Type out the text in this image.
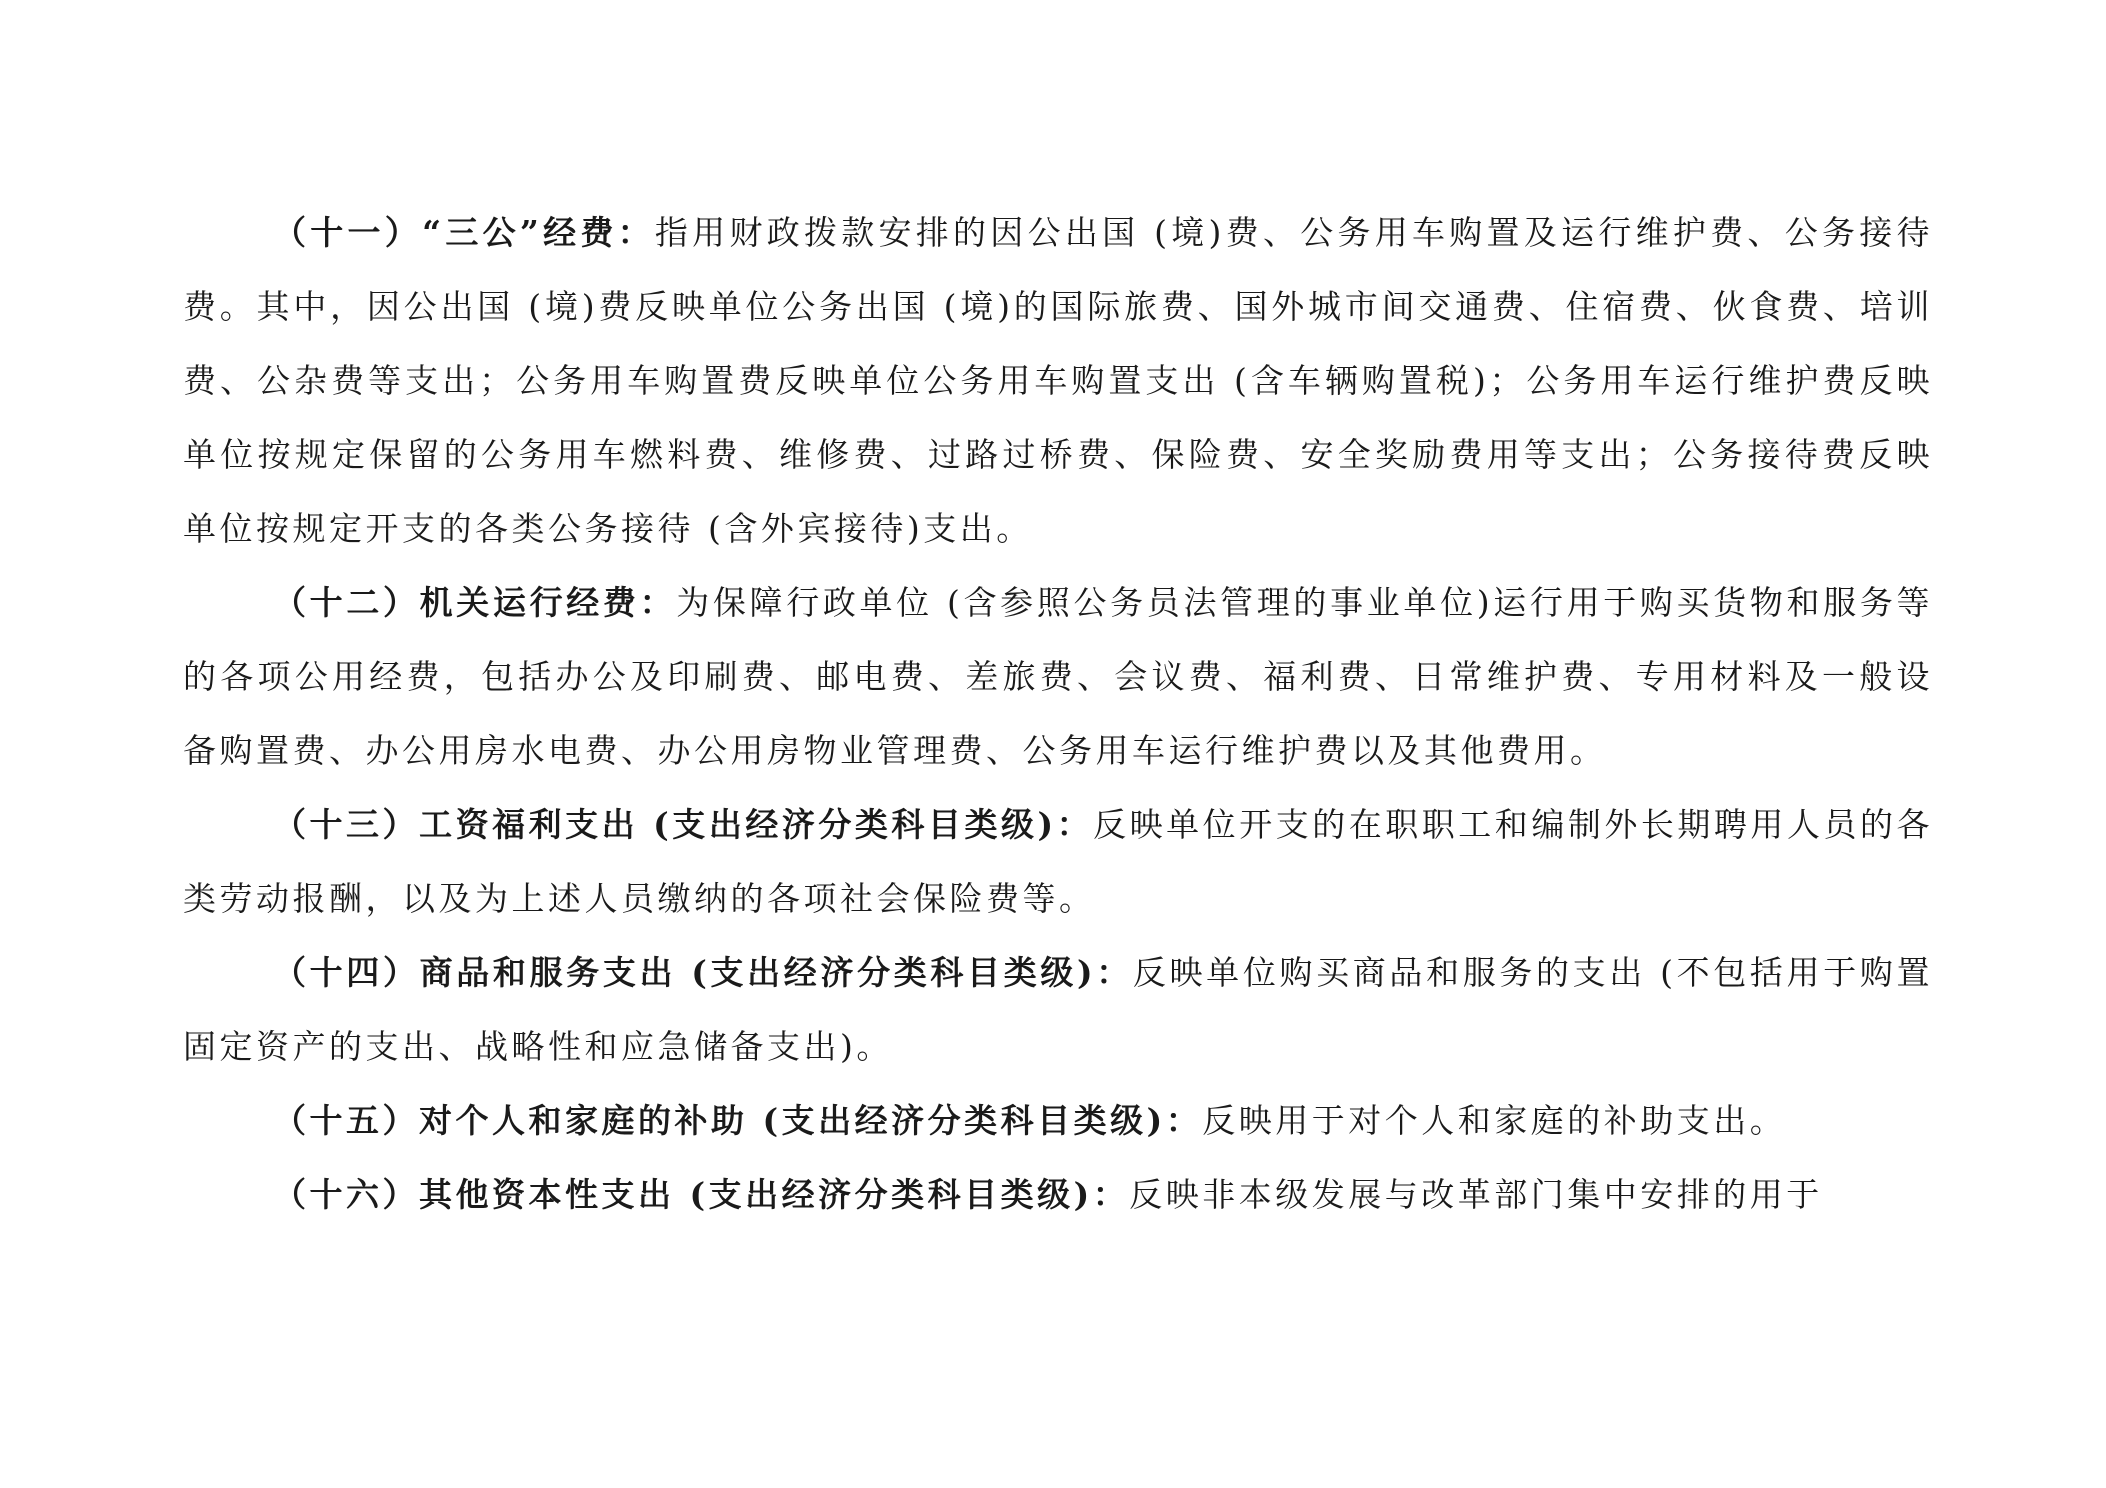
（十一）“三公”经费：指用财政拨款安排的因公出国 (境)费、公务用车购置及运行维护费、公务接待费。其中，因公出国 (境)费反映单位公务出国 (境)的国际旅费、国外城市间交通费、住宿费、伙食费、培训费、公杂费等支出；公务用车购置费反映单位公务用车购置支出 (含车辆购置税)；公务用车运行维护费反映单位按规定保留的公务用车燃料费、维修费、过路过桥费、保险费、安全奖励费用等支出；公务接待费反映单位按规定开支的各类公务接待 (含外宾接待)支出。

（十二）机关运行经费：为保障行政单位 (含参照公务员法管理的事业单位)运行用于购买货物和服务等的各项公用经费，包括办公及印刷费、邮电费、差旅费、会议费、福利费、日常维护费、专用材料及一般设备购置费、办公用房水电费、办公用房物业管理费、公务用车运行维护费以及其他费用。

（十三）工资福利支出 (支出经济分类科目类级)：反映单位开支的在职职工和编制外长期聘用人员的各类劳动报酬，以及为上述人员缴纳的各项社会保险费等。

（十四）商品和服务支出 (支出经济分类科目类级)：反映单位购买商品和服务的支出 (不包括用于购置固定资产的支出、战略性和应急储备支出)。

（十五）对个人和家庭的补助 (支出经济分类科目类级)：反映用于对个人和家庭的补助支出。

（十六）其他资本性支出 (支出经济分类科目类级)：反映非本级发展与改革部门集中安排的用于
